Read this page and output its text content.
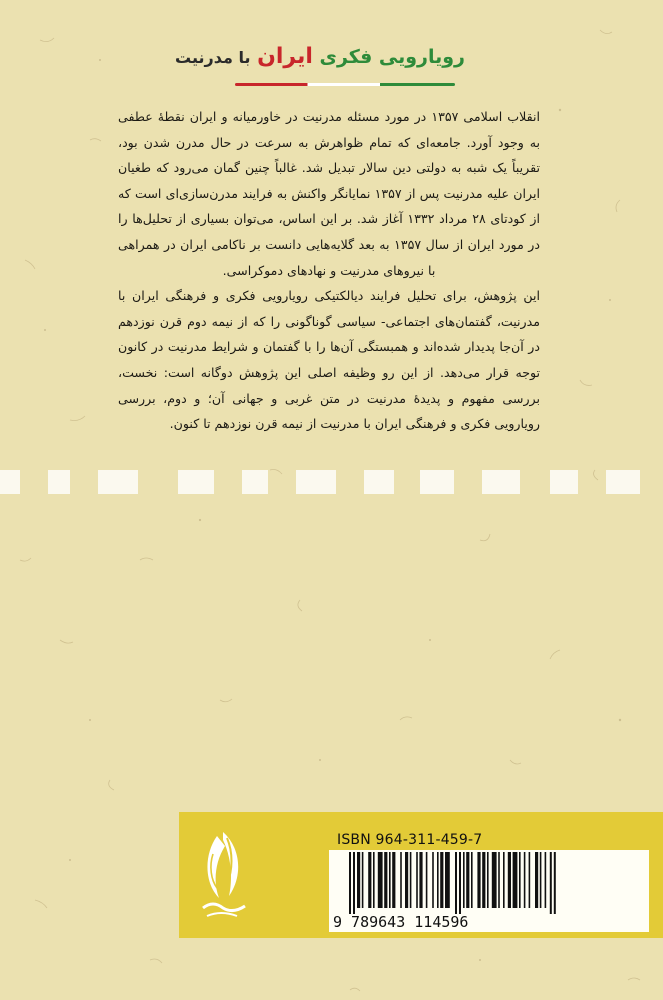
رویارویی فکری ایران با مدرنیت

انقلاب اسلامی ۱۳۵۷ در مورد مسئله مدرنیت در خاورمیانه و ایران نقطهٔ عطفی به وجود آورد. جامعه‌ای که تمام ظواهرش به سرعت در حال مدرن شدن بود، تقریباً یک شبه به دولتی دین سالار تبدیل شد. غالباً چنین گمان می‌رود که طغیان ایران علیه مدرنیت پس از ۱۳۵۷ نمایانگر واکنش به فرایند مدرن‌سازی‌ای است که از کودتای ۲۸ مرداد ۱۳۳۲ آغاز شد. بر این اساس، می‌توان بسیاری از تحلیل‌ها را در مورد ایران از سال ۱۳۵۷ به بعد گلایه‌هایی دانست بر ناکامی ایران در همراهی با نیروهای مدرنیت و نهادهای دموکراسی.

این پژوهش، برای تحلیل فرایند دیالکتیکی رویارویی فکری و فرهنگی ایران با مدرنیت، گفتمان‌های اجتماعی- سیاسی گوناگونی را که از نیمه دوم قرن نوزدهم در آن‌جا پدیدار شده‌اند و همبستگی آن‌ها را با گفتمان و شرایط مدرنیت در کانون توجه قرار می‌دهد. از این رو وظیفه اصلی این پژوهش دوگانه است: نخست، بررسی مفهوم و پدیدهٔ مدرنیت در متن غربی و جهانی آن؛ و دوم، بررسی رویارویی فکری و فرهنگی ایران با مدرنیت از نیمه قرن نوزدهم تا کنون.

ISBN 964-311-459-7
9 789643 114596
